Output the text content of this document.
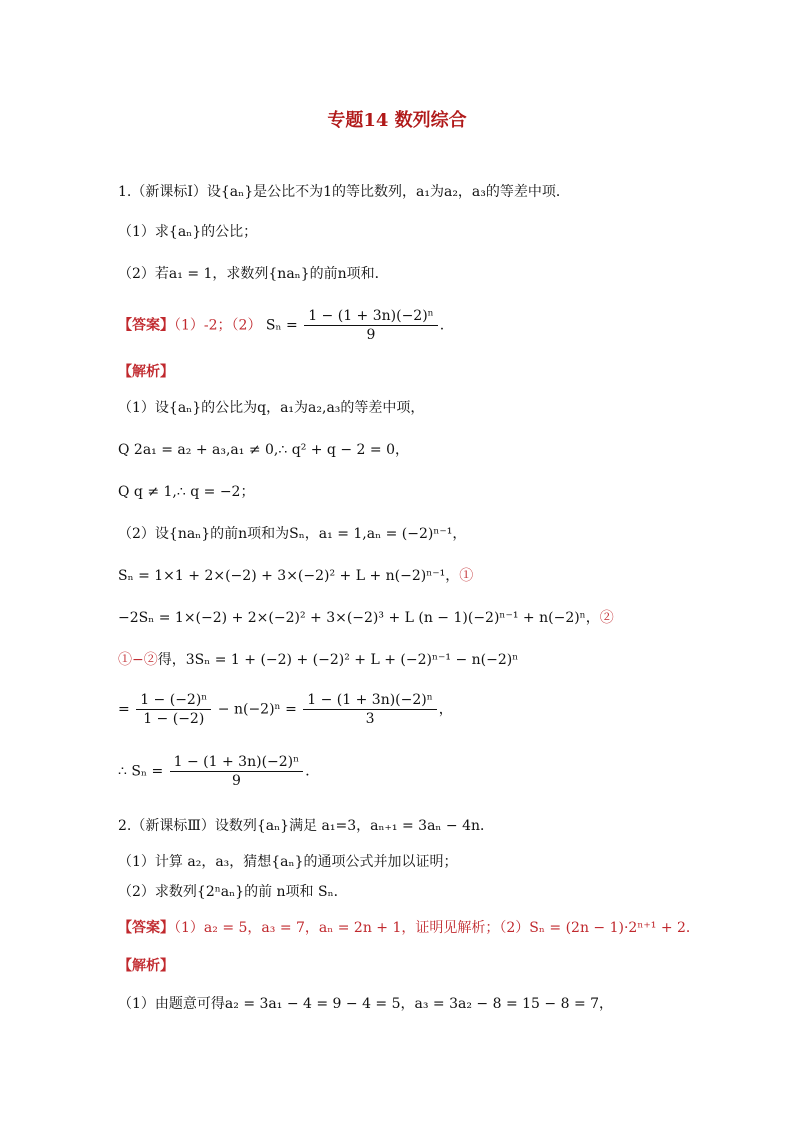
专题14 数列综合
1.（新课标Ⅰ）设{aₙ}是公比不为1的等比数列，a₁为a₂，a₃的等差中项．
（1）求{aₙ}的公比；
（2）若a₁ = 1，求数列{naₙ}的前n项和．
【答案】（1）-2；（2） $S_n = \frac{\text{1 − (1 + 3n)(−2)ⁿ}}{9}$ .
【解析】
（1）设{aₙ}的公比为q，a₁为a₂,a₃的等差中项，
Q 2a₁ = a₂ + a₃,a₁ ≠ 0,∴ q² + q − 2 = 0，
Q q ≠ 1,∴ q = −2；
（2）设{naₙ}的前n项和为Sₙ，a₁ = 1,aₙ = (−2)ⁿ⁻¹，
Sₙ = 1×1 + 2×(−2) + 3×(−2)² + L + n(−2)ⁿ⁻¹，①
−2Sₙ = 1×(−2) + 2×(−2)² + 3×(−2)³ + L (n − 1)(−2)ⁿ⁻¹ + n(−2)ⁿ，②
①−②得，3Sₙ = 1 + (−2) + (−2)² + L + (−2)ⁿ⁻¹ − n(−2)ⁿ
= $\frac{\text{1 − (−2)ⁿ}}{1 - (-2)} - n(-2)^n = \frac{\text{1 − (1 + 3n)(−2)ⁿ}}{3}$ ，
∴ $S_n = \frac{\text{1 − (1 + 3n)(−2)ⁿ}}{9}$ ．
2.（新课标Ⅲ）设数列{aₙ}满足 a₁=3，aₙ₊₁ = 3aₙ − 4n．
（1）计算 a₂，a₃，猜想{aₙ}的通项公式并加以证明；
（2）求数列{2ⁿaₙ}的前 n项和 Sₙ．
【答案】（1）a₂ = 5，a₃ = 7，aₙ = 2n + 1，证明见解析；（2）Sₙ = (2n − 1)·2ⁿ⁺¹ + 2．
【解析】
（1）由题意可得a₂ = 3a₁ − 4 = 9 − 4 = 5，a₃ = 3a₂ − 8 = 15 − 8 = 7，
